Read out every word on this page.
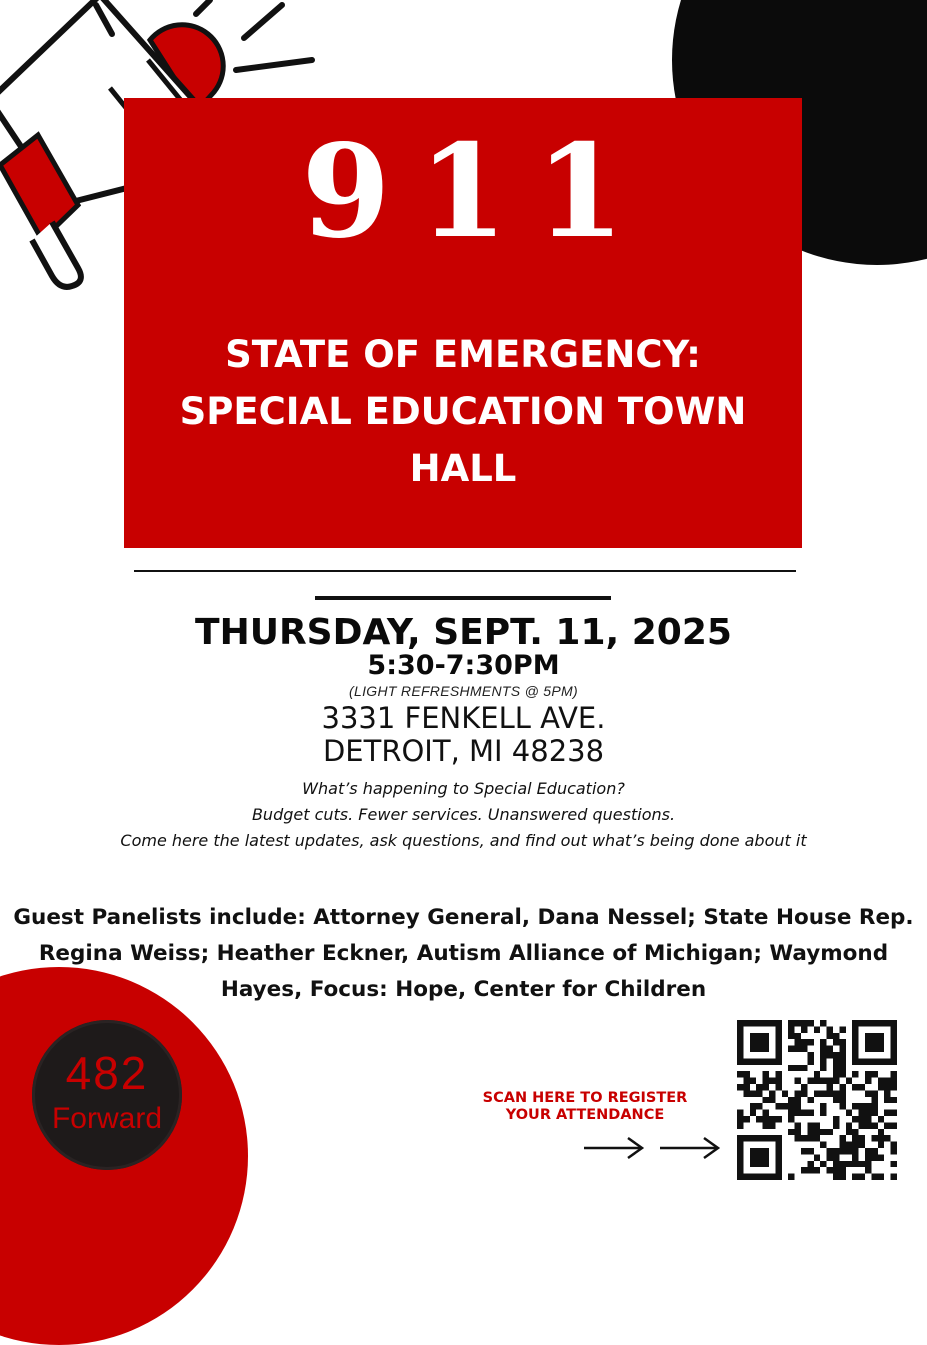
911
STATE OF EMERGENCY: SPECIAL EDUCATION TOWN HALL
THURSDAY, SEPT. 11, 2025
5:30-7:30PM
(LIGHT REFRESHMENTS @ 5PM)
3331 FENKELL AVE.
DETROIT, MI 48238
What’s happening to Special Education?
Budget cuts. Fewer services. Unanswered questions.
Come here the latest updates, ask questions, and find out what’s being done about it
Guest Panelists include: Attorney General, Dana Nessel; State House Rep. Regina Weiss; Heather Eckner, Autism Alliance of Michigan; Waymond Hayes, Focus: Hope, Center for Children
482
Forward
SCAN HERE TO REGISTER
YOUR ATTENDANCE
